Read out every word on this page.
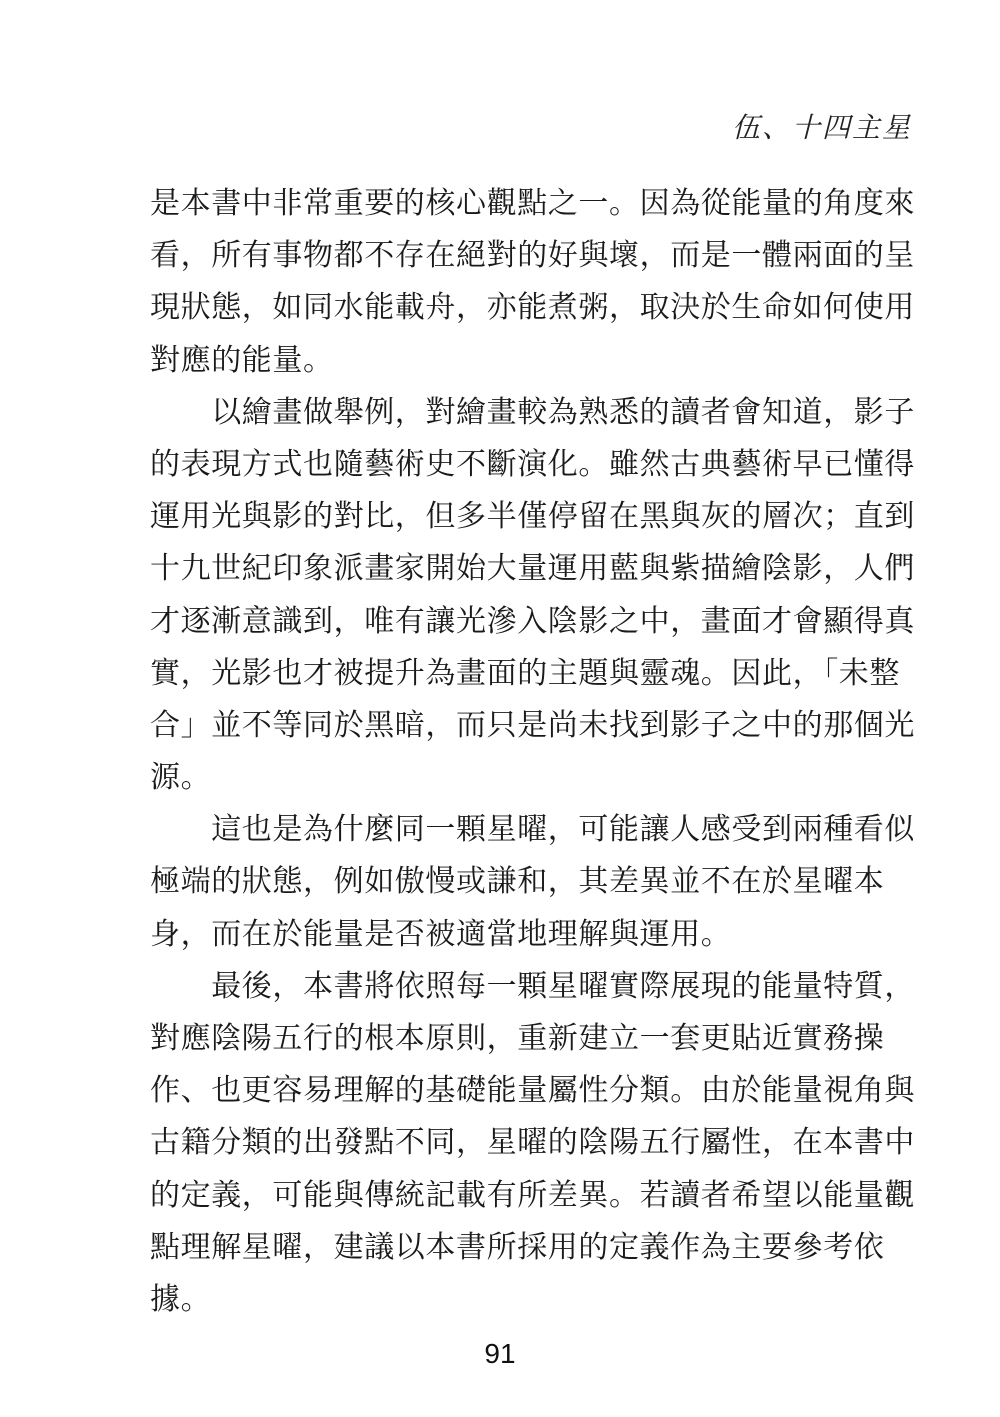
伍、十四主星
是本書中非常重要的核心觀點之一。因為從能量的角度來
看，所有事物都不存在絕對的好與壞，而是一體兩面的呈
現狀態，如同水能載舟，亦能煮粥，取決於生命如何使用
對應的能量。
　　以繪畫做舉例，對繪畫較為熟悉的讀者會知道，影子
的表現方式也隨藝術史不斷演化。雖然古典藝術早已懂得
運用光與影的對比，但多半僅停留在黑與灰的層次；直到
十九世紀印象派畫家開始大量運用藍與紫描繪陰影，人們
才逐漸意識到，唯有讓光滲入陰影之中，畫面才會顯得真
實，光影也才被提升為畫面的主題與靈魂。因此，「未整
合」並不等同於黑暗，而只是尚未找到影子之中的那個光
源。
　　這也是為什麼同一顆星曜，可能讓人感受到兩種看似
極端的狀態，例如傲慢或謙和，其差異並不在於星曜本
身，而在於能量是否被適當地理解與運用。
　　最後，本書將依照每一顆星曜實際展現的能量特質，
對應陰陽五行的根本原則，重新建立一套更貼近實務操
作、也更容易理解的基礎能量屬性分類。由於能量視角與
古籍分類的出發點不同，星曜的陰陽五行屬性，在本書中
的定義，可能與傳統記載有所差異。若讀者希望以能量觀
點理解星曜，建議以本書所採用的定義作為主要參考依
據。
91
